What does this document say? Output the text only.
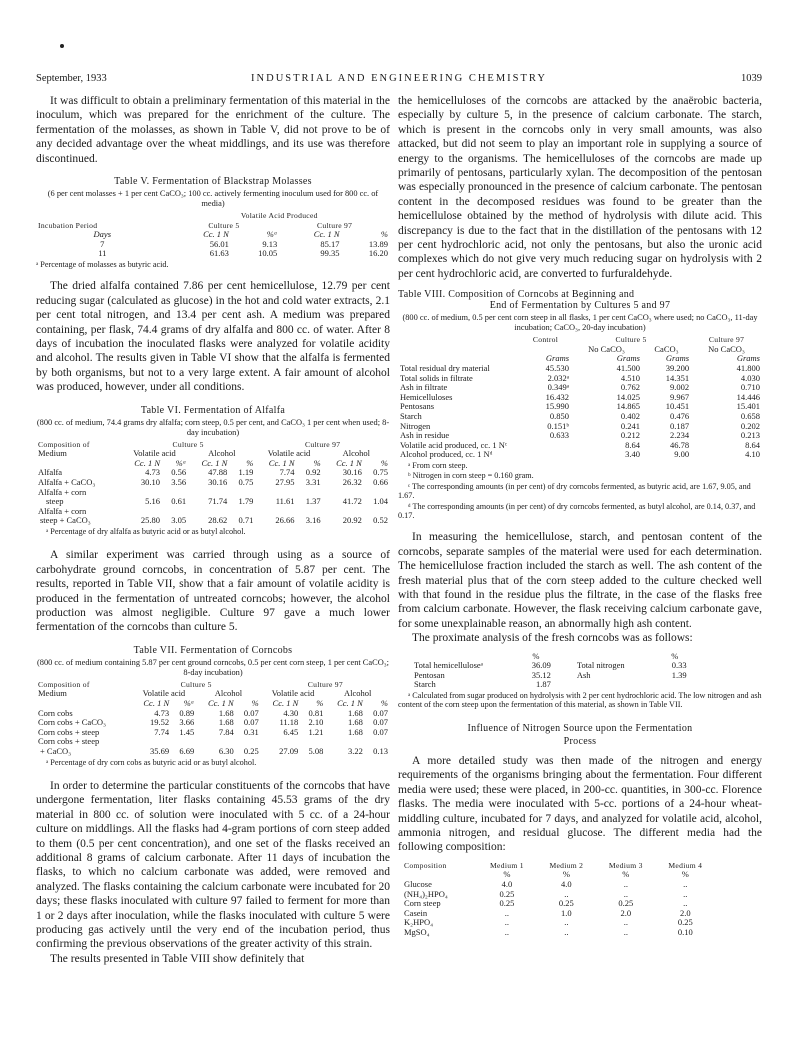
September, 1933	INDUSTRIAL AND ENGINEERING CHEMISTRY	1039

It was difficult to obtain a preliminary fermentation of this material in the inoculum, which was prepared for the enrichment of the culture. The fermentation of the molasses, as shown in Table V, did not prove to be of any decided advantage over the wheat middlings, and its use was therefore discontinued.

Table V. Fermentation of Blackstrap Molasses

(6 per cent molasses + 1 per cent CaCO₃; 100 cc. actively fermenting inoculum used for 800 cc. of media)

	Volatile Acid Produced			
Incubation Period	Culture 5		Culture 97	
Days	Cc. 1 N	%ᵃ	Cc. 1 N	%
7	56.01	9.13	85.17	13.89
11	61.63	10.05	99.35	16.20

ᵃ Percentage of molasses as butyric acid.

The dried alfalfa contained 7.86 per cent hemicellulose, 12.79 per cent reducing sugar (calculated as glucose) in the hot and cold water extracts, 2.1 per cent total nitrogen, and 13.4 per cent ash. A medium was prepared containing, per flask, 74.4 grams of dry alfalfa and 800 cc. of water. After 8 days of incubation the inoculated flasks were analyzed for volatile acidity and alcohol. The results given in Table VI show that the alfalfa is fermented by both organisms, but not to a very large extent. A fair amount of alcohol was produced, however, under all conditions.

Table VI. Fermentation of Alfalfa

(800 cc. of medium, 74.4 grams dry alfalfa; corn steep, 0.5 per cent, and CaCO₃ 1 per cent when used; 8-day incubation)

Composition of	Culture 5				Culture 97			
Medium	Volatile acid		Alcohol		Volatile acid		Alcohol	
	Cc. 1 N	%ᵃ	Cc. 1 N	%	Cc. 1 N	%	Cc. 1 N	%
Alfalfa	4.73	0.56	47.88	1.19	7.74	0.92	30.16	0.75
Alfalfa + CaCO₃	30.10	3.56	30.16	0.75	27.95	3.31	26.32	0.66
Alfalfa + corn								
steep	5.16	0.61	71.74	1.79	11.61	1.37	41.72	1.04
Alfalfa + corn								
steep + CaCO₃	25.80	3.05	28.62	0.71	26.66	3.16	20.92	0.52

ᵃ Percentage of dry alfalfa as butyric acid or as butyl alcohol.

A similar experiment was carried through using as a source of carbohydrate ground corncobs, in concentration of 5.87 per cent. The results, reported in Table VII, show that a fair amount of volatile acidity is produced in the fermentation of untreated corncobs; however, the alcohol production was almost negligible. Culture 97 gave a much lower fermentation of the corncobs than culture 5.

Table VII. Fermentation of Corncobs

(800 cc. of medium containing 5.87 per cent ground corncobs, 0.5 per cent corn steep, 1 per cent CaCO₃; 8-day incubation)

Composition of	Culture 5				Culture 97			
Medium	Volatile acid		Alcohol		Volatile acid		Alcohol	
	Cc. 1 N	%ᵃ	Cc. 1 N	%	Cc. 1 N	%	Cc. 1 N	%
Corn cobs	4.73	0.89	1.68	0.07	4.30	0.81	1.68	0.07
Corn cobs + CaCO₃	19.52	3.66	1.68	0.07	11.18	2.10	1.68	0.07
Corn cobs + steep	7.74	1.45	7.84	0.31	6.45	1.21	1.68	0.07
Corn cobs + steep								
+ CaCO₃	35.69	6.69	6.30	0.25	27.09	5.08	3.22	0.13

ᵃ Percentage of dry corn cobs as butyric acid or as butyl alcohol.

In order to determine the particular constituents of the corncobs that have undergone fermentation, liter flasks containing 45.53 grams of the dry material in 800 cc. of solution were inoculated with 5 cc. of a 24-hour culture on middlings. All the flasks had 4-gram portions of corn steep added to them (0.5 per cent concentration), and one set of the flasks received an additional 8 grams of calcium carbonate. After 11 days of incubation the flasks, to which no calcium carbonate was added, were removed and analyzed. The flasks containing the calcium carbonate were incubated for 20 days; these flasks inoculated with culture 97 failed to ferment for more than 1 or 2 days after inoculation, while the flasks inoculated with culture 5 were producing gas actively until the very end of the incubation period, thus confirming the previous observations of the greater activity of this strain.

The results presented in Table VIII show definitely that

the hemicelluloses of the corncobs are attacked by the anaërobic bacteria, especially by culture 5, in the presence of calcium carbonate. The starch, which is present in the corncobs only in very small amounts, was also attacked, but did not seem to play an important role in supplying a source of energy to the organisms. The hemicelluloses of the corncobs are made up primarily of pentosans, particularly xylan. The decomposition of the pentosan was especially pronounced in the presence of calcium carbonate. The pentosan content in the decomposed residues was found to be greater than the hemicellulose obtained by the method of hydrolysis with dilute acid. This discrepancy is due to the fact that in the distillation of the pentosans with 12 per cent hydrochloric acid, not only the pentosans, but also the uronic acid complexes which do not give very much reducing sugar on hydrolysis with 2 per cent hydrochloric acid, are converted to furfuraldehyde.

Table VIII. Composition of Corncobs at Beginning and

End of Fermentation by Cultures 5 and 97

(800 cc. of medium, 0.5 per cent corn steep in all flasks, 1 per cent CaCO₃ where used; no CaCO₃, 11-day incubation; CaCO₃, 20-day incubation)

	Control	Culture 5		Culture 97
		No CaCO₃	CaCO₃	No CaCO₃
	Grams	Grams	Grams	Grams
Total residual dry material	45.530	41.500	39.200	41.800
Total solids in filtrate	2.032ᵃ	4.510	14.351	4.030
Ash in filtrate	0.349ᵃ	0.762	9.002	0.710
Hemicelluloses	16.432	14.025	9.967	14.446
Pentosans	15.990	14.865	10.451	15.401
Starch	0.850	0.402	0.476	0.658
Nitrogen	0.151ᵇ	0.241	0.187	0.202
Ash in residue	0.633	0.212	2.234	0.213
Volatile acid produced, cc. 1 Nᶜ		8.64	46.78	8.64
Alcohol produced, cc. 1 Nᵈ		3.40	9.00	4.10

ᵃ From corn steep.

ᵇ Nitrogen in corn steep = 0.160 gram.

ᶜ The corresponding amounts (in per cent) of dry corncobs fermented, as butyric acid, are 1.67, 9.05, and 1.67.

ᵈ The corresponding amounts (in per cent) of dry corncobs fermented, as butyl alcohol, are 0.14, 0.37, and 0.17.

In measuring the hemicellulose, starch, and pentosan content of the corncobs, separate samples of the material were used for each determination. The hemicellulose fraction included the starch as well. The ash content of the fresh material plus that of the corn steep added to the culture checked well with that found in the residue plus the filtrate, in the case of the flasks free from calcium carbonate. However, the flask receiving calcium carbonate gave, for some unexplainable reason, an abnormally high ash content.

The proximate analysis of the fresh corncobs was as follows:

	%		%
Total hemicelluloseᵃ	36.09	Total nitrogen	0.33
Pentosan	35.12	Ash	1.39
Starch	1.87		

ᵃ Calculated from sugar produced on hydrolysis with 2 per cent hydrochloric acid. The low nitrogen and ash content of the corn steep upon the fermentation of this material, as shown in Table VII.

Influence of Nitrogen Source upon the Fermentation

Process

A more detailed study was then made of the nitrogen and energy requirements of the organisms bringing about the fermentation. Four different media were used; these were placed, in 200-cc. quantities, in 300-cc. Florence flasks. The media were inoculated with 5-cc. portions of a 24-hour wheat-middling culture, incubated for 7 days, and analyzed for volatile acid, alcohol, ammonia nitrogen, and residual glucose. The different media had the following composition:

Composition	Medium 1	Medium 2	Medium 3	Medium 4
	%	%	%	%
Glucose	4.0	4.0	..	..
(NH₄)₂HPO₄	0.25	..	..	..
Corn steep	0.25	0.25	0.25	..
Casein	..	1.0	2.0	2.0
K₂HPO₄	..	..	..	0.25
MgSO₄	..	..	..	0.10
